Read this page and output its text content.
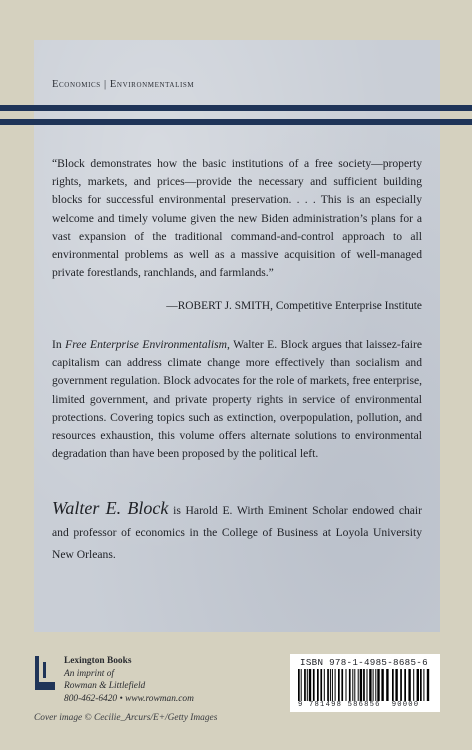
Economics | Environmentalism
“Block demonstrates how the basic institutions of a free society—property rights, markets, and prices—provide the necessary and sufficient building blocks for successful environmental preservation. . . . This is an especially welcome and timely volume given the new Biden administration’s plans for a vast expansion of the traditional command-and-control approach to all environmental problems as well as a massive acquisition of well-managed private forestlands, ranchlands, and farmlands.”
—ROBERT J. SMITH, Competitive Enterprise Institute
In Free Enterprise Environmentalism, Walter E. Block argues that laissez-faire capitalism can address climate change more effectively than socialism and government regulation. Block advocates for the role of markets, free enterprise, limited government, and private property rights in service of environmental protections. Covering topics such as extinction, overpopulation, pollution, and resources exhaustion, this volume offers alternate solutions to environmental degradation than have been proposed by the political left.
Walter E. Block is Harold E. Wirth Eminent Scholar endowed chair and professor of economics in the College of Business at Loyola University New Orleans.
Lexington Books
An imprint of
Rowman & Littlefield
800-462-6420 • www.rowman.com
ISBN 978-1-4985-8685-6
9 781498 586856 90000
Cover image © Cecilie_Arcurs/E+/Getty Images
